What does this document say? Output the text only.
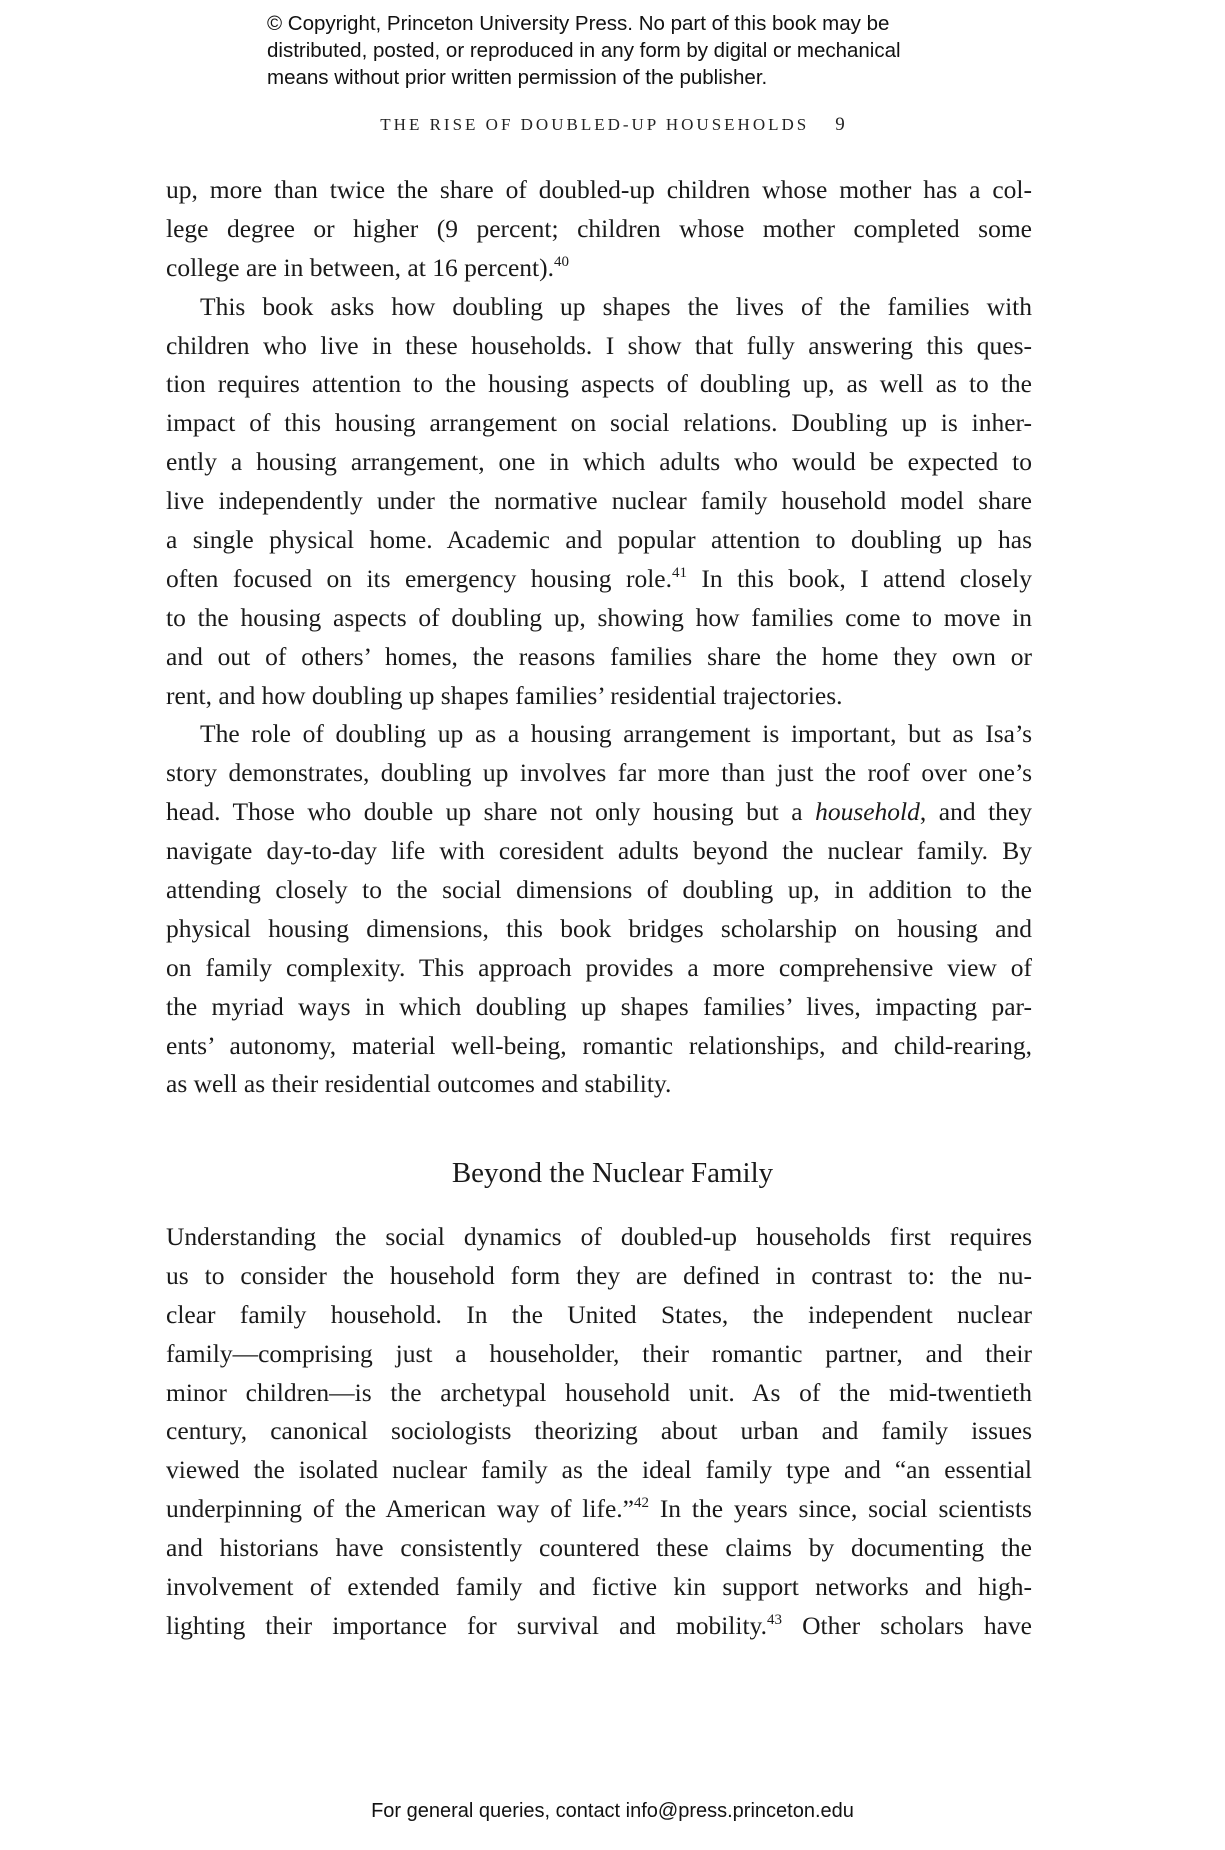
© Copyright, Princeton University Press. No part of this book may be
distributed, posted, or reproduced in any form by digital or mechanical
means without prior written permission of the publisher.
THE RISE OF DOUBLED-UP HOUSEHOLDS 9
up, more than twice the share of doubled-up children whose mother has a col-
lege degree or higher (9 percent; children whose mother completed some
college are in between, at 16 percent).$^{40}$
This book asks how doubling up shapes the lives of the families with
children who live in these households. I show that fully answering this ques-
tion requires attention to the housing aspects of doubling up, as well as to the
impact of this housing arrangement on social relations. Doubling up is inher-
ently a housing arrangement, one in which adults who would be expected to
live independently under the normative nuclear family household model share
a single physical home. Academic and popular attention to doubling up has
often focused on its emergency housing role.$^{41}$ In this book, I attend closely
to the housing aspects of doubling up, showing how families come to move in
and out of others’ homes, the reasons families share the home they own or
rent, and how doubling up shapes families’ residential trajectories.
The role of doubling up as a housing arrangement is important, but as Isa’s
story demonstrates, doubling up involves far more than just the roof over one’s
head. Those who double up share not only housing but a household, and they
navigate day-to-day life with coresident adults beyond the nuclear family. By
attending closely to the social dimensions of doubling up, in addition to the
physical housing dimensions, this book bridges scholarship on housing and
on family complexity. This approach provides a more comprehensive view of
the myriad ways in which doubling up shapes families’ lives, impacting par-
ents’ autonomy, material well-being, romantic relationships, and child-rearing,
as well as their residential outcomes and stability.
Beyond the Nuclear Family
Understanding the social dynamics of doubled-up households first requires
us to consider the household form they are defined in contrast to: the nu-
clear family household. In the United States, the independent nuclear
family—comprising just a householder, their romantic partner, and their
minor children—is the archetypal household unit. As of the mid-twentieth
century, canonical sociologists theorizing about urban and family issues
viewed the isolated nuclear family as the ideal family type and “an essential
underpinning of the American way of life.”$^{42}$ In the years since, social scientists
and historians have consistently countered these claims by documenting the
involvement of extended family and fictive kin support networks and high-
lighting their importance for survival and mobility.$^{43}$ Other scholars have
For general queries, contact info@press.princeton.edu
